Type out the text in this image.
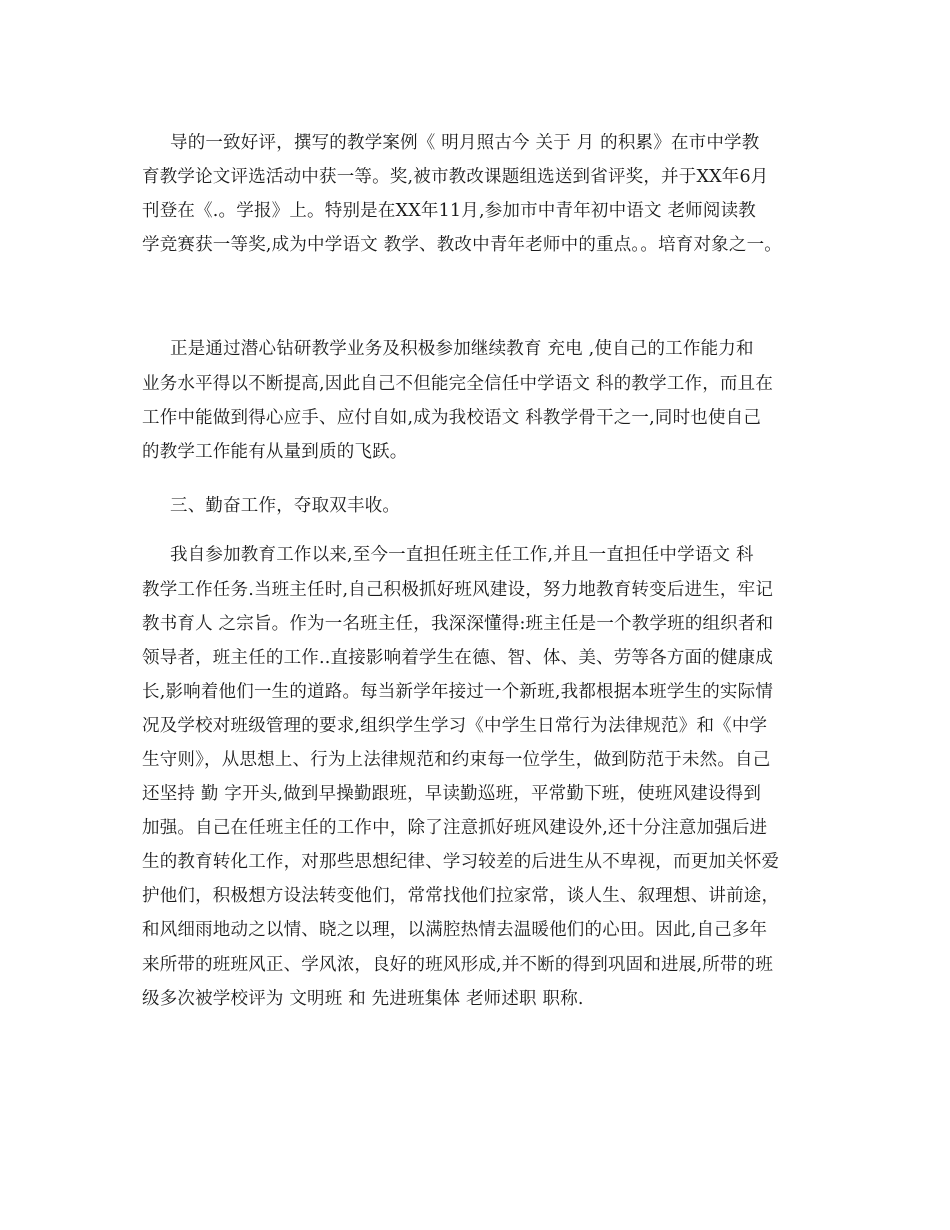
导的一致好评，撰写的教学案例《 明月照古今 关于 月 的积累》在市中学教
育教学论文评选活动中获一等。奖,被市教改课题组选送到省评奖，并于XX年6月
刊登在《.。学报》上。特别是在XX年11月,参加市中青年初中语文 老师阅读教
学竞赛获一等奖,成为中学语文 教学、教改中青年老师中的重点。。培育对象之一。
正是通过潜心钻研教学业务及积极参加继续教育 充电 ,使自己的工作能力和
业务水平得以不断提高,因此自己不但能完全信任中学语文 科的教学工作，而且在
工作中能做到得心应手、应付自如,成为我校语文 科教学骨干之一,同时也使自己
的教学工作能有从量到质的飞跃。
三、勤奋工作，夺取双丰收。
我自参加教育工作以来,至今一直担任班主任工作,并且一直担任中学语文 科
教学工作任务.当班主任时,自己积极抓好班风建设，努力地教育转变后进生，牢记
教书育人 之宗旨。作为一名班主任，我深深懂得:班主任是一个教学班的组织者和
领导者，班主任的工作..直接影响着学生在德、智、体、美、劳等各方面的健康成
长,影响着他们一生的道路。每当新学年接过一个新班,我都根据本班学生的实际情
况及学校对班级管理的要求,组织学生学习《中学生日常行为法律规范》和《中学
生守则》，从思想上、行为上法律规范和约束每一位学生，做到防范于未然。自己
还坚持 勤 字开头,做到早操勤跟班，早读勤巡班，平常勤下班，使班风建设得到
加强。自己在任班主任的工作中，除了注意抓好班风建设外,还十分注意加强后进
生的教育转化工作，对那些思想纪律、学习较差的后进生从不卑视，而更加关怀爱
护他们，积极想方设法转变他们，常常找他们拉家常，谈人生、叙理想、讲前途，
和风细雨地动之以情、晓之以理，以满腔热情去温暖他们的心田。因此,自己多年
来所带的班班风正、学风浓，良好的班风形成,并不断的得到巩固和进展,所带的班
级多次被学校评为 文明班 和 先进班集体 老师述职 职称.
